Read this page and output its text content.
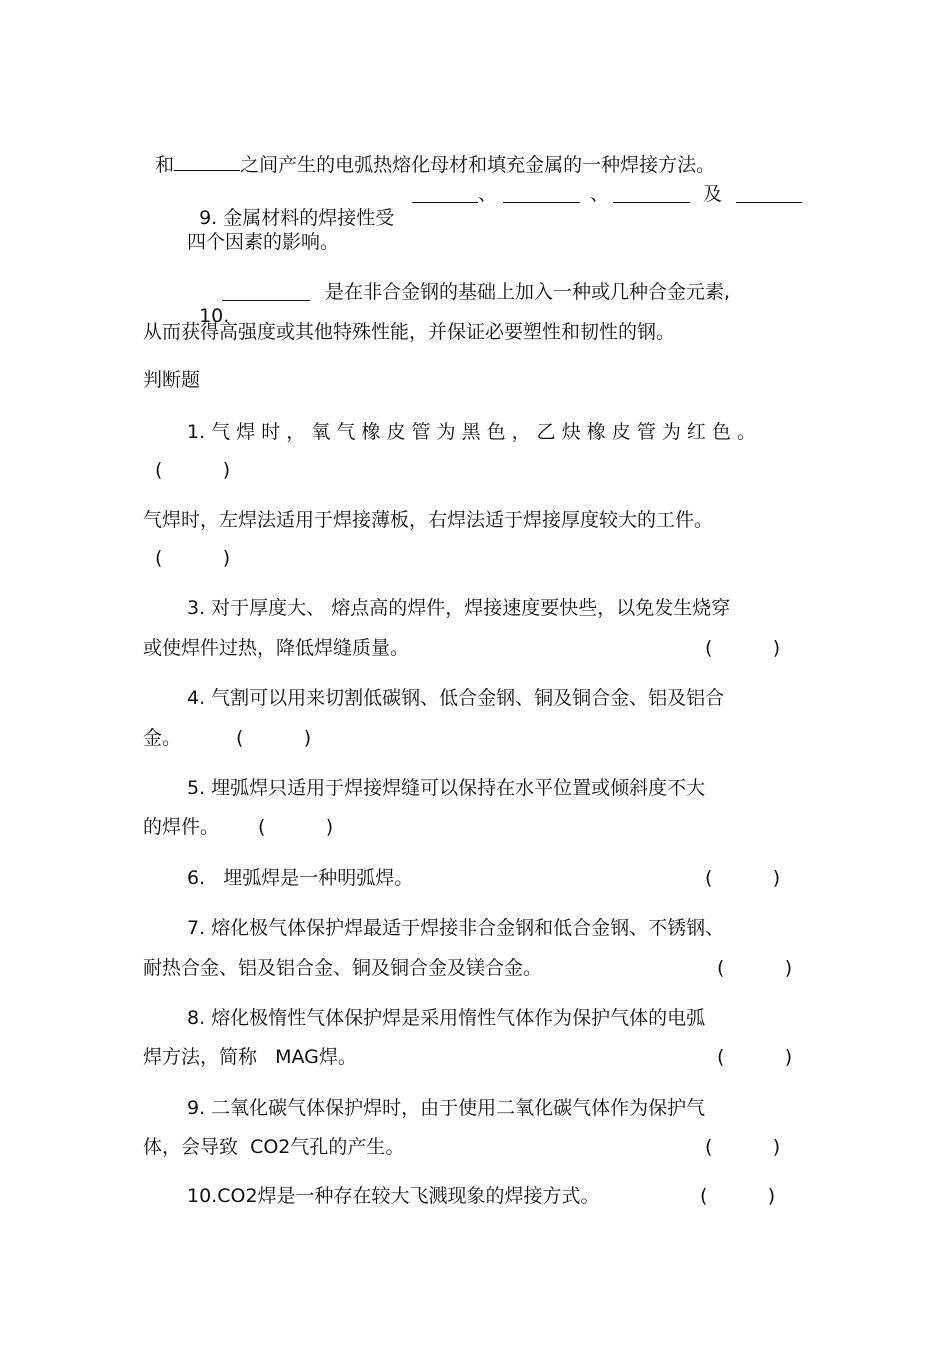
和	之间产生的电弧热熔化母材和填充金属的一种焊接方法。

9. 金属材料的焊接性受

、	、	及
四个因素的影响。

10.

是在非合金钢的基础上加入一种或几种合金元素,
从而获得高强度或其他特殊性能，并保证必要塑性和韧性的钢。
判断题
1. 气 焊 时 ， 氧 气 橡 皮 管 为 黑 色 ， 乙 炔 橡 皮 管 为 红 色 。
(          )
气焊时，左焊法适用于焊接薄板，右焊法适于焊接厚度较大的工件。
(          )
3. 对于厚度大、 熔点高的焊件，焊接速度要快些，以免发生烧穿
或使焊件过热，降低焊缝质量。	(          )
4. 气割可以用来切割低碳钢、低合金钢、铜及铜合金、铝及铝合
金。	(          )
5. 埋弧焊只适用于焊接焊缝可以保持在水平位置或倾斜度不大
的焊件。 (          )
6.   埋弧焊是一种明弧焊。	(          )
7. 熔化极气体保护焊最适于焊接非合金钢和低合金钢、不锈钢、
耐热合金、铝及铝合金、铜及铜合金及镁合金。	(          )
8. 熔化极惰性气体保护焊是采用惰性气体作为保护气体的电弧
焊方法，简称   MAG焊。	(          )
9. 二氧化碳气体保护焊时，由于使用二氧化碳气体作为保护气
体，会导致  CO2气孔的产生。	(          )
10.CO2焊是一种存在较大飞溅现象的焊接方式。	(          )
